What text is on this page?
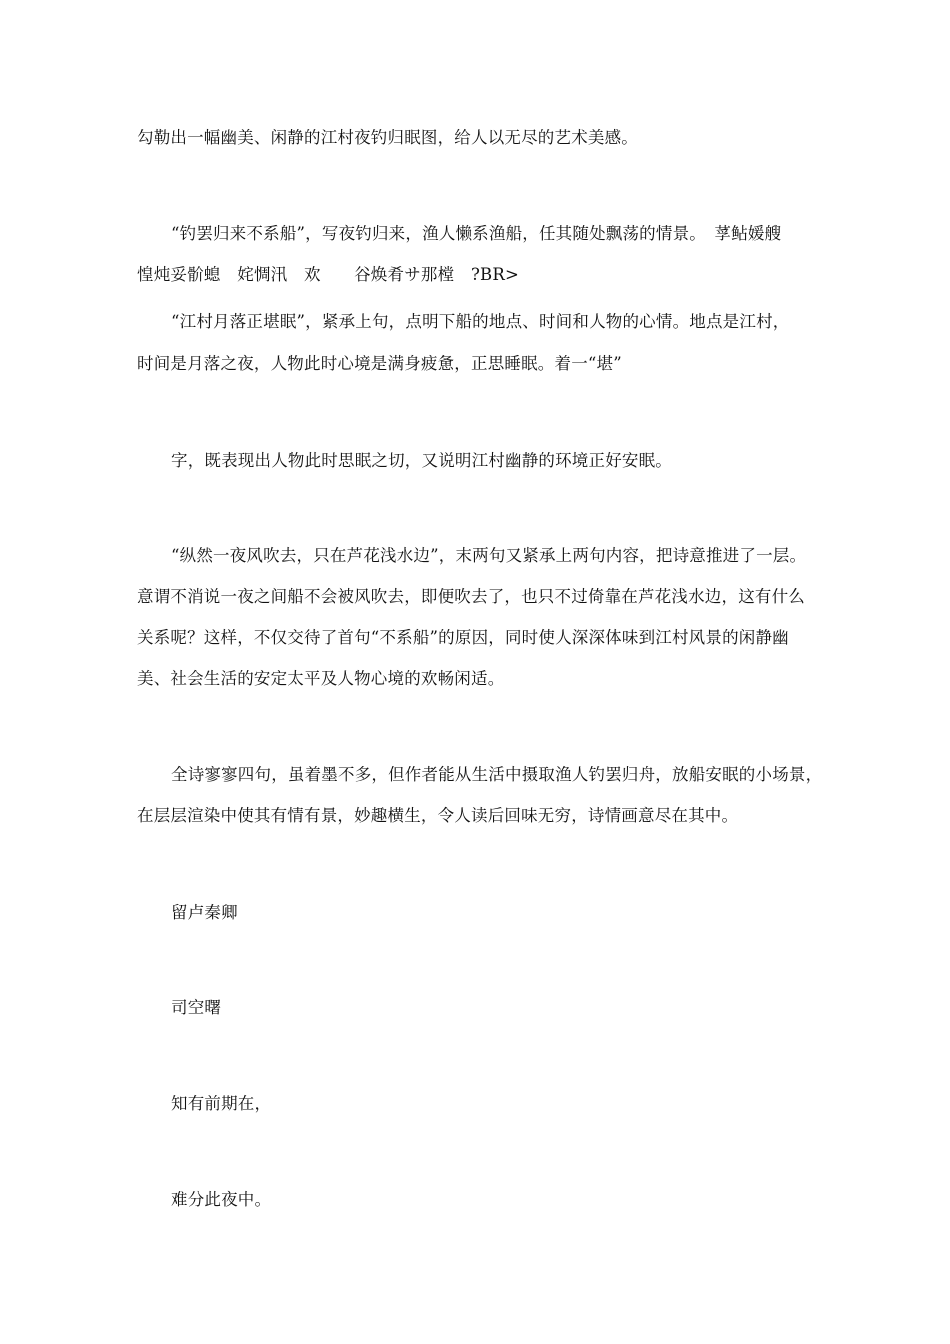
勾勒出一幅幽美、闲静的江村夜钓归眠图，给人以无尽的艺术美感。
“钓罢归来不系船”，写夜钓归来，渔人懒系渔船，任其随处飘荡的情景。　莩鲇媛艘
惶炖妥骱螅　姹惆汛　欢　　谷焕肴サ那樘　?BR>
“江村月落正堪眠”，紧承上句，点明下船的地点、时间和人物的心情。地点是江村，
时间是月落之夜，人物此时心境是满身疲惫，正思睡眠。着一“堪”
字，既表现出人物此时思眠之切，又说明江村幽静的环境正好安眠。
“纵然一夜风吹去，只在芦花浅水边”，末两句又紧承上两句内容，把诗意推进了一层。
意谓不消说一夜之间船不会被风吹去，即便吹去了，也只不过倚靠在芦花浅水边，这有什么
关系呢？这样，不仅交待了首句“不系船”的原因，同时使人深深体味到江村风景的闲静幽
美、社会生活的安定太平及人物心境的欢畅闲适。
全诗寥寥四句，虽着墨不多，但作者能从生活中摄取渔人钓罢归舟，放船安眠的小场景，
在层层渲染中使其有情有景，妙趣横生，令人读后回味无穷，诗情画意尽在其中。
留卢秦卿
司空曙
知有前期在，
难分此夜中。
